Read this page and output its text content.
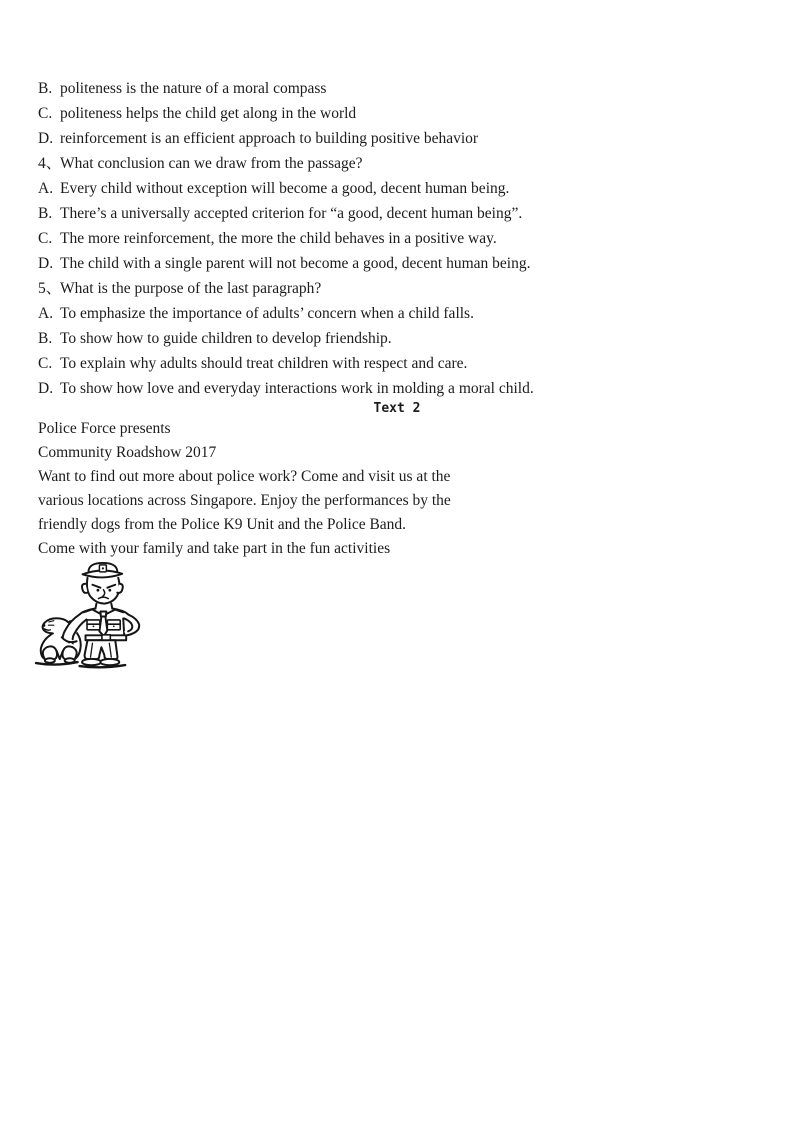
B. politeness is the nature of a moral compass
C. politeness helps the child get along in the world
D. reinforcement is an efficient approach to building positive behavior
4、What conclusion can we draw from the passage?
A. Every child without exception will become a good, decent human being.
B. There’s a universally accepted criterion for “a good, decent human being”.
C. The more reinforcement, the more the child behaves in a positive way.
D. The child with a single parent will not become a good, decent human being.
5、What is the purpose of the last paragraph?
A. To emphasize the importance of adults’ concern when a child falls.
B. To show how to guide children to develop friendship.
C. To explain why adults should treat children with respect and care.
D. To show how love and everyday interactions work in molding a moral child.
Text 2
Police Force presents
Community Roadshow 2017
Want to find out more about police work? Come and visit us at the
various locations across Singapore. Enjoy the performances by the
friendly dogs from the Police K9 Unit and the Police Band.
Come with your family and take part in the fun activities
